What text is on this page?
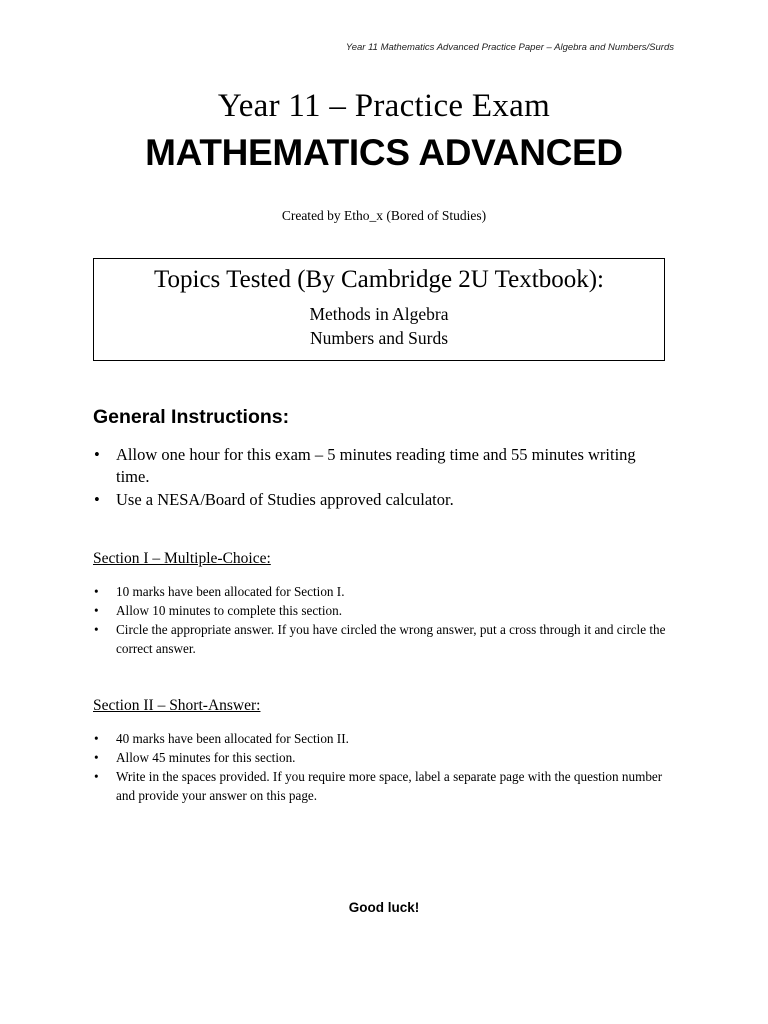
Year 11 Mathematics Advanced Practice Paper – Algebra and Numbers/Surds
Year 11 – Practice Exam
MATHEMATICS ADVANCED
Created by Etho_x (Bored of Studies)
Topics Tested (By Cambridge 2U Textbook):
Methods in Algebra
Numbers and Surds
General Instructions:
• Allow one hour for this exam – 5 minutes reading time and 55 minutes writing time.
• Use a NESA/Board of Studies approved calculator.
Section I – Multiple-Choice:
• 10 marks have been allocated for Section I.
• Allow 10 minutes to complete this section.
• Circle the appropriate answer. If you have circled the wrong answer, put a cross through it and circle the correct answer.
Section II – Short-Answer:
• 40 marks have been allocated for Section II.
• Allow 45 minutes for this section.
• Write in the spaces provided. If you require more space, label a separate page with the question number and provide your answer on this page.
Good luck!
